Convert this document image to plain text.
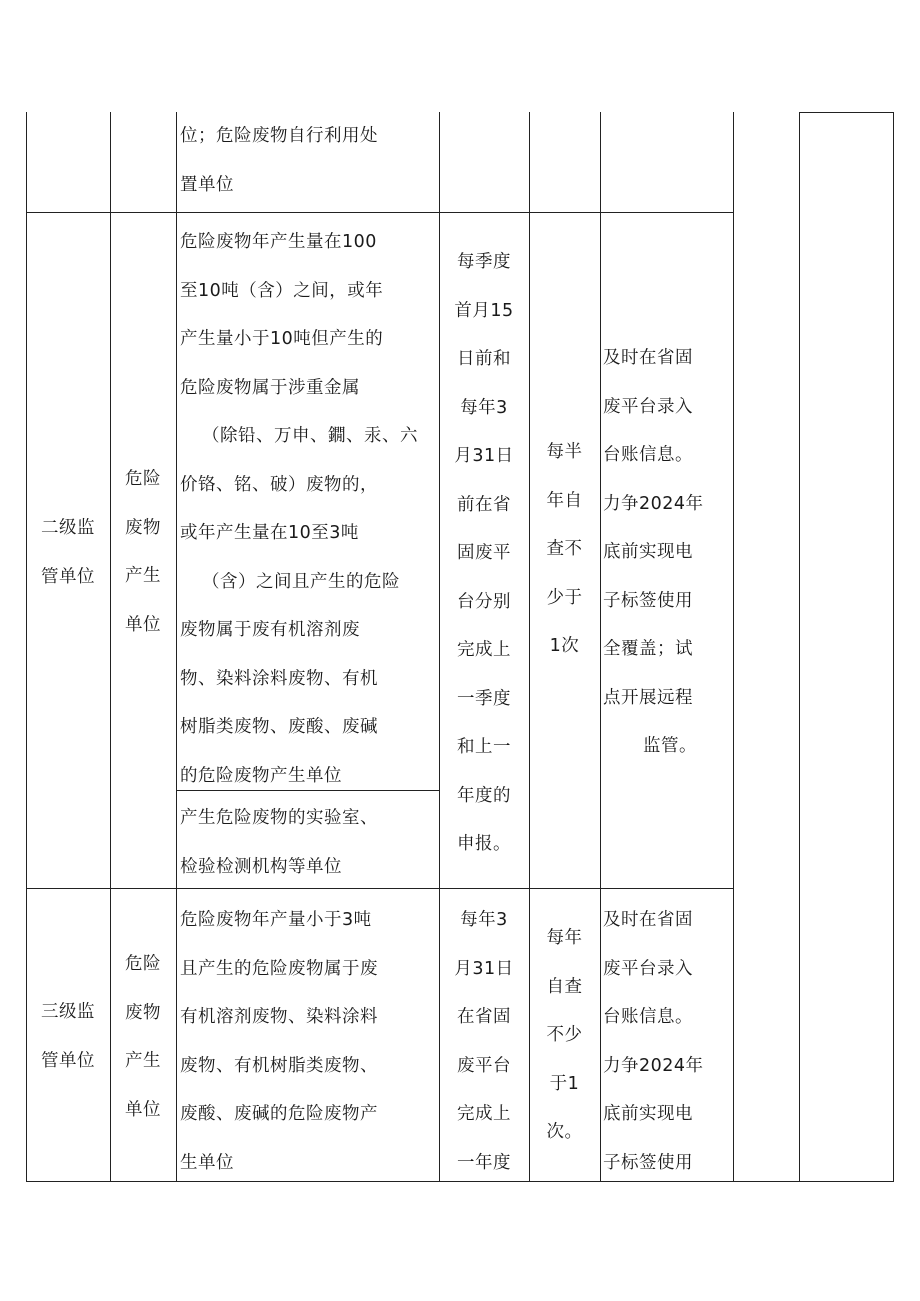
位；危险废物自行利用处
置单位
二级监
管单位
危险
废物
产生
单位
危险废物年产生量在100
至10吨（含）之间，或年
产生量小于10吨但产生的
危险废物属于涉重金属
（除铅、万申、鐗、汞、六
价铬、铭、破）废物的，
或年产生量在10至3吨
（含）之间且产生的危险
废物属于废有机溶剂废
物、染料涂料废物、有机
树脂类废物、废酸、废碱
的危险废物产生单位
产生危险废物的实验室、
检验检测机构等单位
每季度
首月15
日前和
每年3
月31日
前在省
固废平
台分别
完成上
一季度
和上一
年度的
申报。
每半
年自
查不
少于
1次
及时在省固
废平台录入
台账信息。
力争2024年
底前实现电
子标签使用
全覆盖；试
点开展远程
监管。
三级监
管单位
危险
废物
产生
单位
危险废物年产量小于3吨
且产生的危险废物属于废
有机溶剂废物、染料涂料
废物、有机树脂类废物、
废酸、废碱的危险废物产
生单位
每年3
月31日
在省固
废平台
完成上
一年度
每年
自查
不少
于1
次。
及时在省固
废平台录入
台账信息。
力争2024年
底前实现电
子标签使用
